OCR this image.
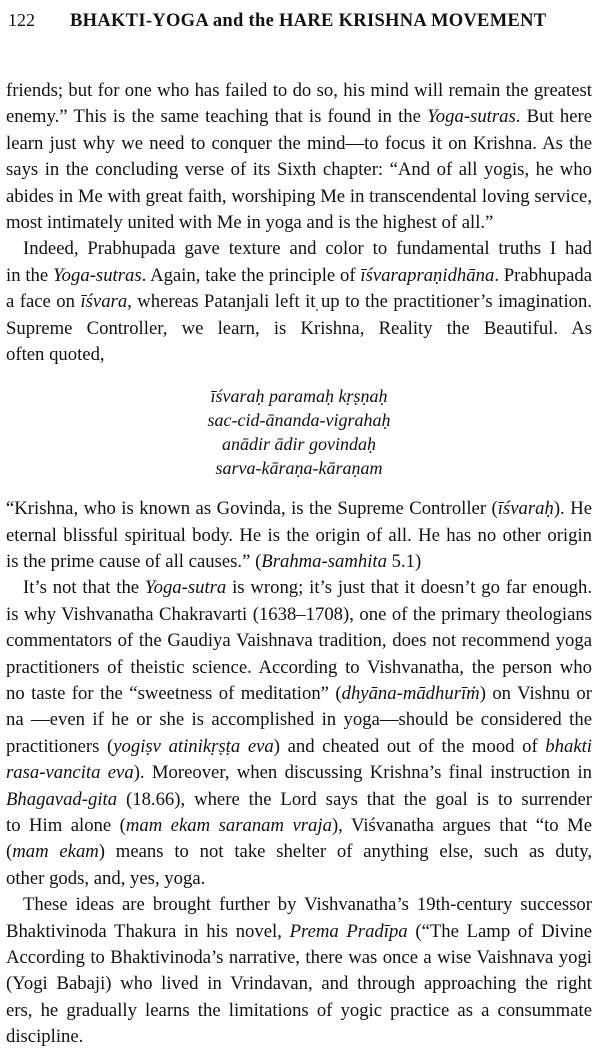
122	BHAKTI-YOGA and the HARE KRISHNA MOVEMENT
friends; but for one who has failed to do so, his mind will remain the greatest
enemy.” This is the same teaching that is found in the Yoga-sutras. But here
learn just why we need to conquer the mind—to focus it on Krishna. As the
says in the concluding verse of its Sixth chapter: “And of all yogis, he who
abides in Me with great faith, worshiping Me in transcendental loving service,
most intimately united with Me in yoga and is the highest of all.”
Indeed, Prabhupada gave texture and color to fundamental truths I had
in the Yoga-sutras. Again, take the principle of īśvarapraṇidhāna. Prabhupada
a face on īśvara, whereas Patanjali left it up to the practitioner’s imagination.
Supreme Controller, we learn, is Krishna, Reality the Beautiful. As
often quoted,
īśvaraḥ paramaḥ kṛṣṇaḥ
sac-cid-ānanda-vigrahaḥ
anādir ādir govindaḥ
sarva-kāraṇa-kāraṇam
“Krishna, who is known as Govinda, is the Supreme Controller (īśvaraḥ). He
eternal blissful spiritual body. He is the origin of all. He has no other origin
is the prime cause of all causes.” (Brahma-samhita 5.1)
It’s not that the Yoga-sutra is wrong; it’s just that it doesn’t go far enough.
is why Vishvanatha Chakravarti (1638–1708), one of the primary theologians
commentators of the Gaudiya Vaishnava tradition, does not recommend yoga
practitioners of theistic science. According to Vishvanatha, the person who
no taste for the “sweetness of meditation” (dhyāna-mādhurīṁ) on Vishnu or
na —even if he or she is accomplished in yoga—should be considered the
practitioners (yogiṣv atinikṛṣṭa eva) and cheated out of the mood of bhakti
rasa-vancita eva). Moreover, when discussing Krishna’s final instruction in
Bhagavad-gita (18.66), where the Lord says that the goal is to surrender
to Him alone (mam ekam saranam vraja), Viśvanatha argues that “to Me
(mam ekam) means to not take shelter of anything else, such as duty,
other gods, and, yes, yoga.
These ideas are brought further by Vishvanatha’s 19th-century successor
Bhaktivinoda Thakura in his novel, Prema Pradīpa (“The Lamp of Divine
According to Bhaktivinoda’s narrative, there was once a wise Vaishnava yogi
(Yogi Babaji) who lived in Vrindavan, and through approaching the right
ers, he gradually learns the limitations of yogic practice as a consummate
discipline.
